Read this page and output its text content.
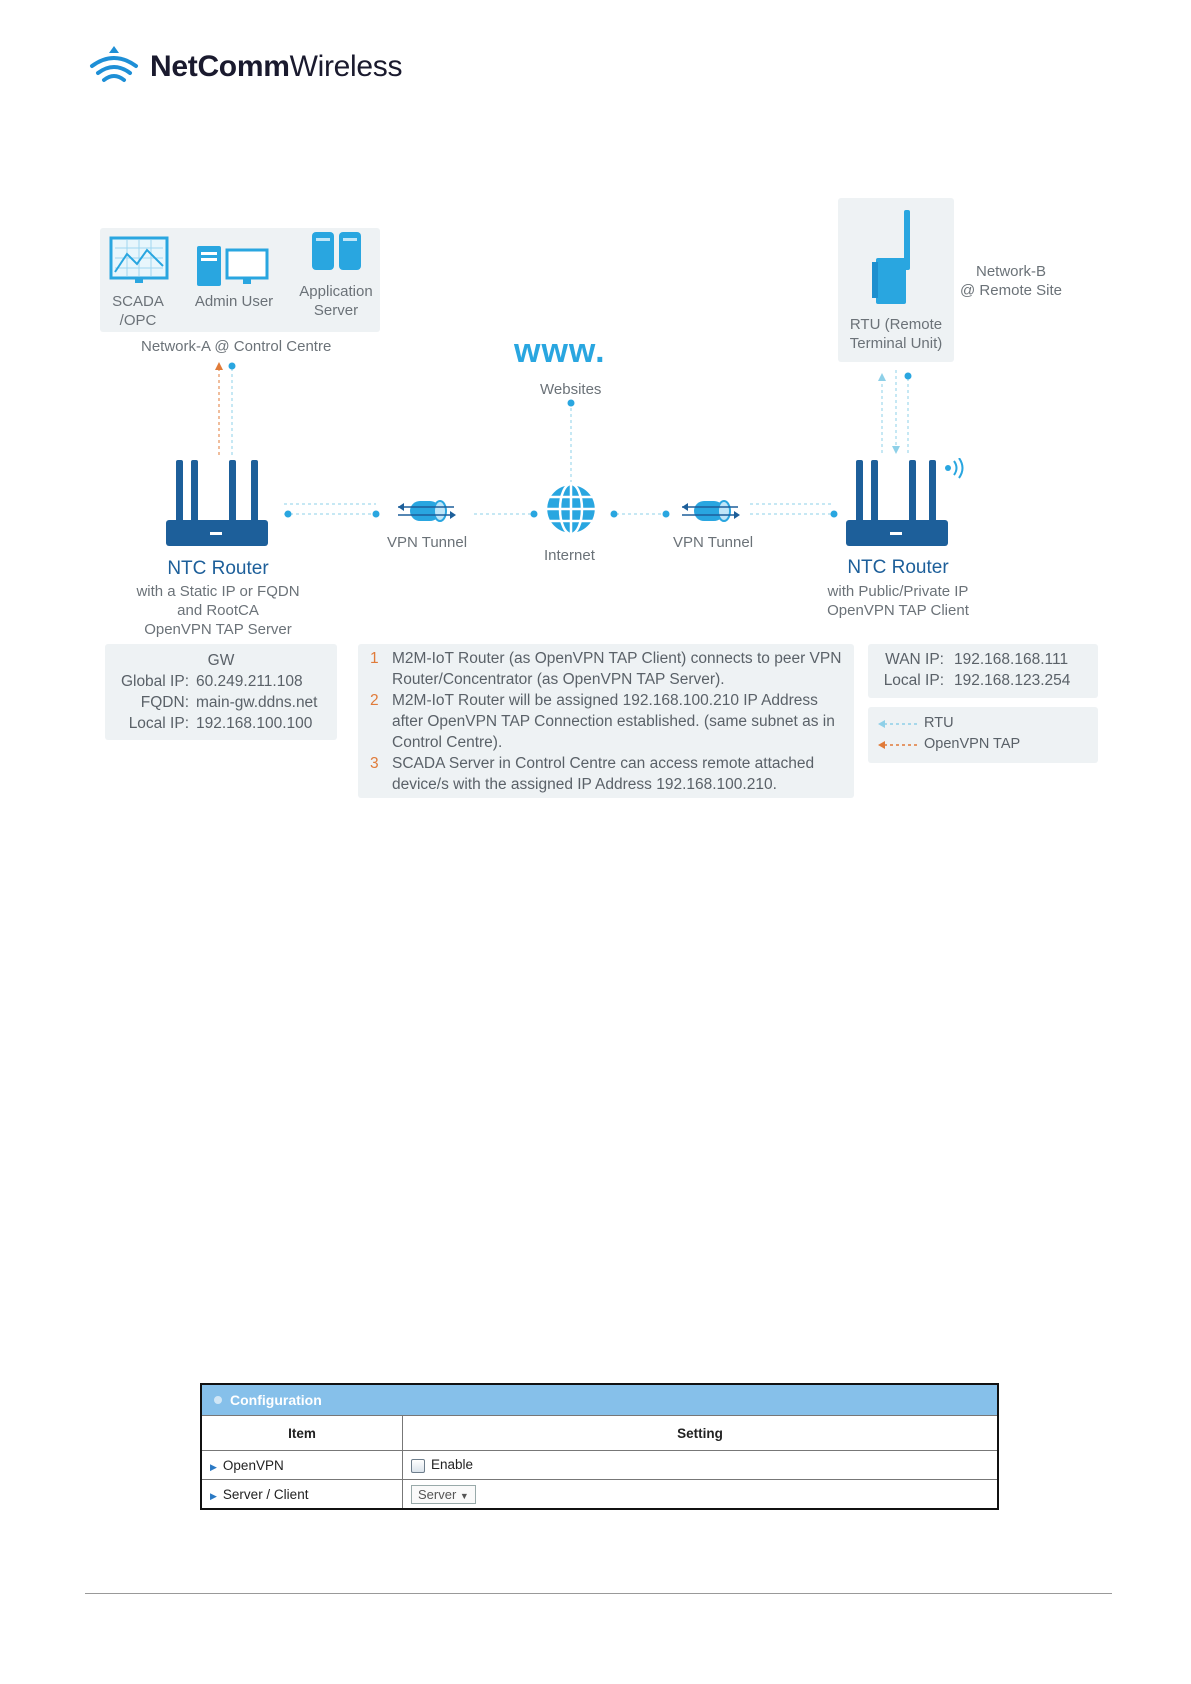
NetCommWireless
SCADA
/OPC
Admin User
Application
Server
Network-A @ Control Centre	www.
Websites
Internet
VPN Tunnel	VPN Tunnel
NTC Router
with a Static IP or FQDN
and RootCA
OpenVPN TAP Server
NTC Router
with Public/Private IP
OpenVPN TAP Client
RTU (Remote
Terminal Unit)
Network-B
@ Remote Site
GW
Global IP: 60.249.211.108
FQDN: main-gw.ddns.net
Local IP: 192.168.100.100
1 M2M-IoT Router (as OpenVPN TAP Client) connects to peer VPN Router/Concentrator (as OpenVPN TAP Server).
2 M2M-IoT Router will be assigned 192.168.100.210 IP Address after OpenVPN TAP Connection established. (same subnet as in Control Centre).
3 SCADA Server in Control Centre can access remote attached device/s with the assigned IP Address 192.168.100.210.
WAN IP: 192.168.168.111
Local IP: 192.168.123.254
RTU
OpenVPN TAP
Configuration
Item	Setting
▶ OpenVPN	Enable
▶ Server / Client	Server ▼
